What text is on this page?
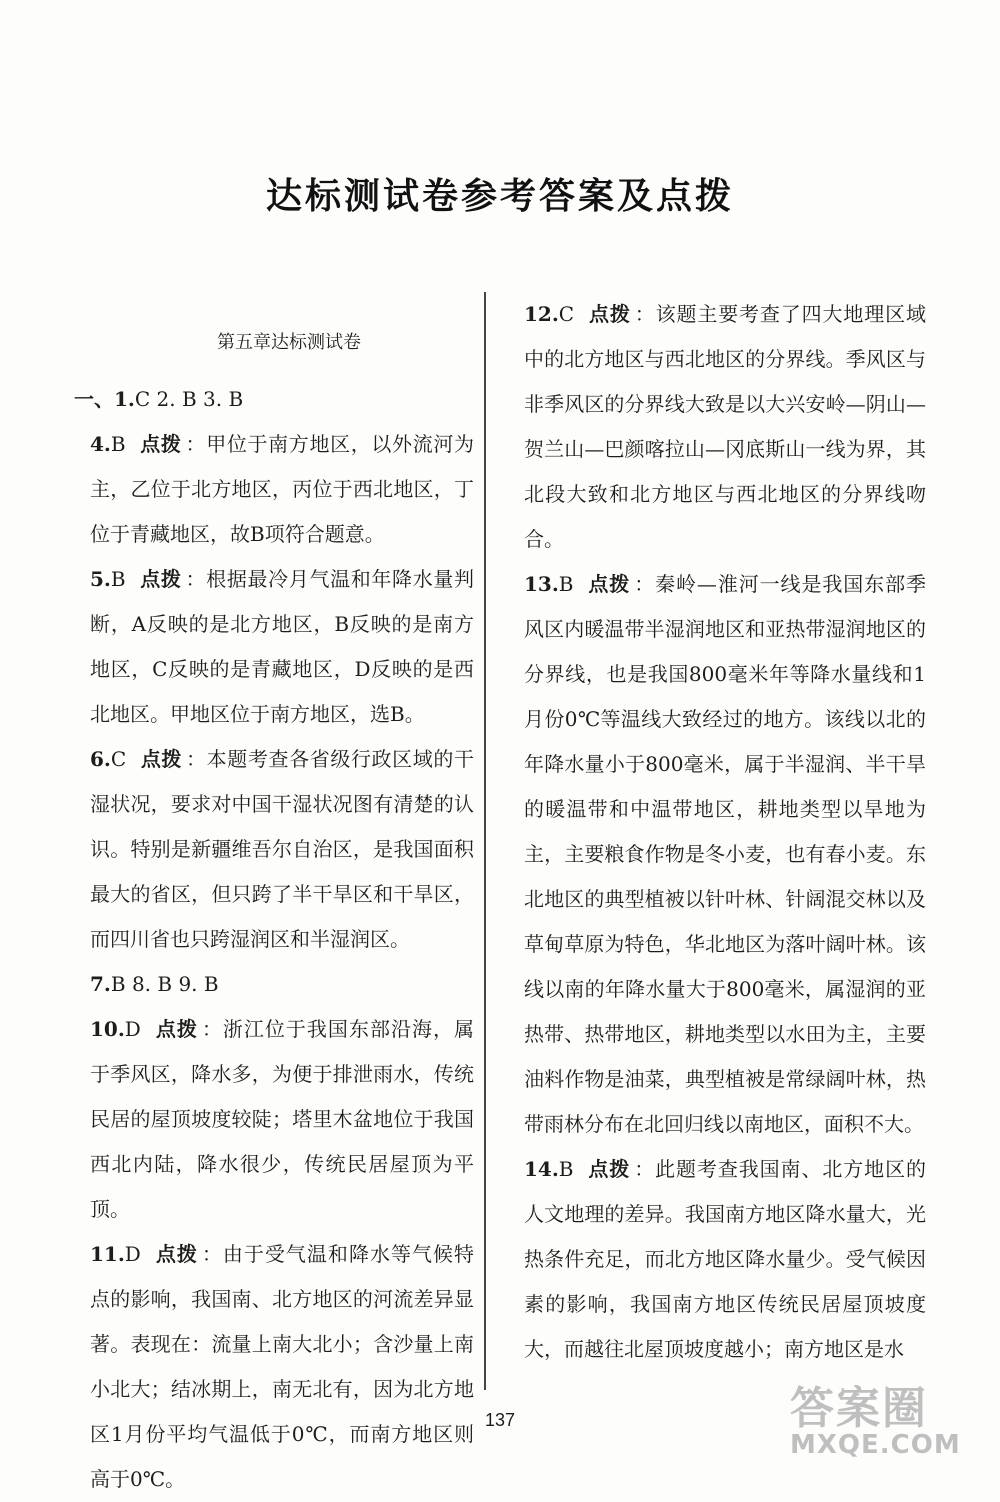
达标测试卷参考答案及点拨
第五章达标测试卷
一、1.C 2. B 3. B
4.B 点拨 ：甲位于南方地区，以外流河为主，乙位于北方地区，丙位于西北地区，丁位于青藏地区，故B项符合题意。
5.B 点拨 ：根据最冷月气温和年降水量判断，A反映的是北方地区，B反映的是南方地区，C反映的是青藏地区，D反映的是西北地区。甲地区位于南方地区，选B。
6.C 点拨 ：本题考查各省级行政区域的干湿状况，要求对中国干湿状况图有清楚的认识。特别是新疆维吾尔自治区，是我国面积最大的省区，但只跨了半干旱区和干旱区，而四川省也只跨湿润区和半湿润区。
7.B 8. B 9. B
10.D 点拨 ：浙江位于我国东部沿海，属于季风区，降水多，为便于排泄雨水，传统民居的屋顶坡度较陡；塔里木盆地位于我国西北内陆，降水很少，传统民居屋顶为平顶。
11.D 点拨 ：由于受气温和降水等气候特点的影响，我国南、北方地区的河流差异显著。表现在：流量上南大北小；含沙量上南小北大；结冰期上，南无北有，因为北方地区1月份平均气温低于0℃，而南方地区则高于0℃。
12.C 点拨 ：该题主要考查了四大地理区域中的北方地区与西北地区的分界线。季风区与非季风区的分界线大致是以大兴安岭—阴山—贺兰山—巴颜喀拉山—冈底斯山一线为界，其北段大致和北方地区与西北地区的分界线吻合。
13.B 点拨 ：秦岭—淮河一线是我国东部季风区内暖温带半湿润地区和亚热带湿润地区的分界线，也是我国800毫米年等降水量线和1月份0℃等温线大致经过的地方。该线以北的年降水量小于800毫米，属于半湿润、半干旱的暖温带和中温带地区，耕地类型以旱地为主，主要粮食作物是冬小麦，也有春小麦。东北地区的典型植被以针叶林、针阔混交林以及草甸草原为特色，华北地区为落叶阔叶林。该线以南的年降水量大于800毫米，属湿润的亚热带、热带地区，耕地类型以水田为主，主要油料作物是油菜，典型植被是常绿阔叶林，热带雨林分布在北回归线以南地区，面积不大。
14.B 点拨 ：此题考查我国南、北方地区的人文地理的差异。我国南方地区降水量大，光热条件充足，而北方地区降水量少。受气候因素的影响，我国南方地区传统民居屋顶坡度大，而越往北屋顶坡度越小；南方地区是水
137	答案圈
MXQE.COM
